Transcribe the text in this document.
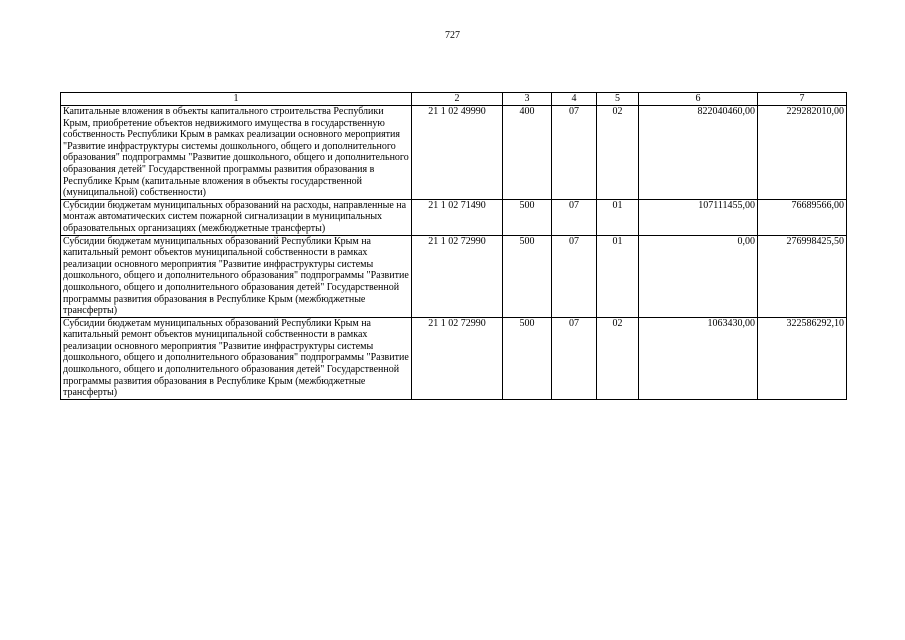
727
1	2	3	4	5	6	7
Капитальные вложения в объекты капитального строительства Республики Крым, приобретение объектов недвижимого имущества в государственную собственность Республики Крым в рамках реализации основного мероприятия "Развитие инфраструктуры системы дошкольного, общего и дополнительного образования" подпрограммы "Развитие дошкольного, общего и дополнительного образования детей" Государственной программы развития образования в Республике Крым (капитальные вложения в объекты государственной (муниципальной) собственности)	21 1 02 49990	400	07	02	822040460,00	229282010,00
Субсидии бюджетам муниципальных образований на расходы, направленные на монтаж автоматических систем пожарной сигнализации в муниципальных образовательных организациях (межбюджетные трансферты)	21 1 02 71490	500	07	01	107111455,00	76689566,00
Субсидии бюджетам муниципальных образований Республики Крым на капитальный ремонт объектов муниципальной собственности в рамках реализации основного мероприятия "Развитие инфраструктуры системы дошкольного, общего и дополнительного образования" подпрограммы "Развитие дошкольного, общего и дополнительного образования детей" Государственной программы развития образования в Республике Крым (межбюджетные трансферты)	21 1 02 72990	500	07	01	0,00	276998425,50
Субсидии бюджетам муниципальных образований Республики Крым на капитальный ремонт объектов муниципальной собственности в рамках реализации основного мероприятия "Развитие инфраструктуры системы дошкольного, общего и дополнительного образования" подпрограммы "Развитие дошкольного, общего и дополнительного образования детей" Государственной программы развития образования в Республике Крым (межбюджетные трансферты)	21 1 02 72990	500	07	02	1063430,00	322586292,10
